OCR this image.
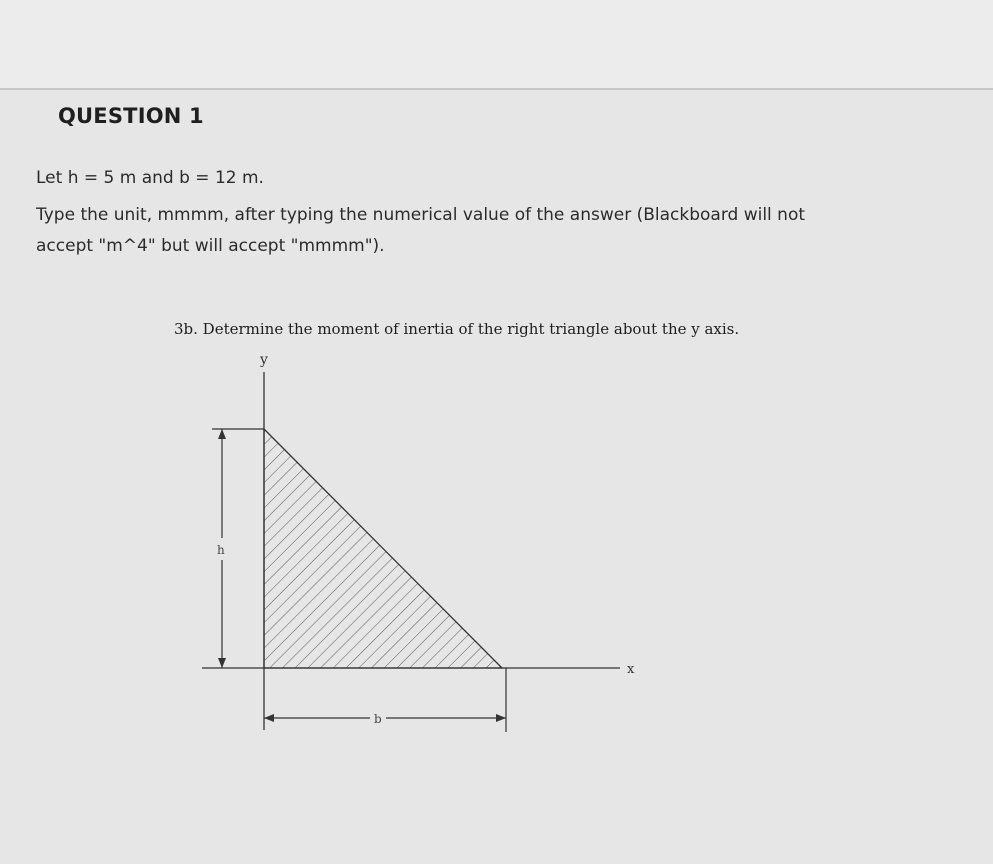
QUESTION 1
Let h = 5 m and b = 12 m.
Type the unit, mmmm, after typing the numerical value of the answer (Blackboard will not
accept "m^4" but will accept "mmmm").
3b. Determine the moment of inertia of the right triangle about the y axis.
y
x
h
b
